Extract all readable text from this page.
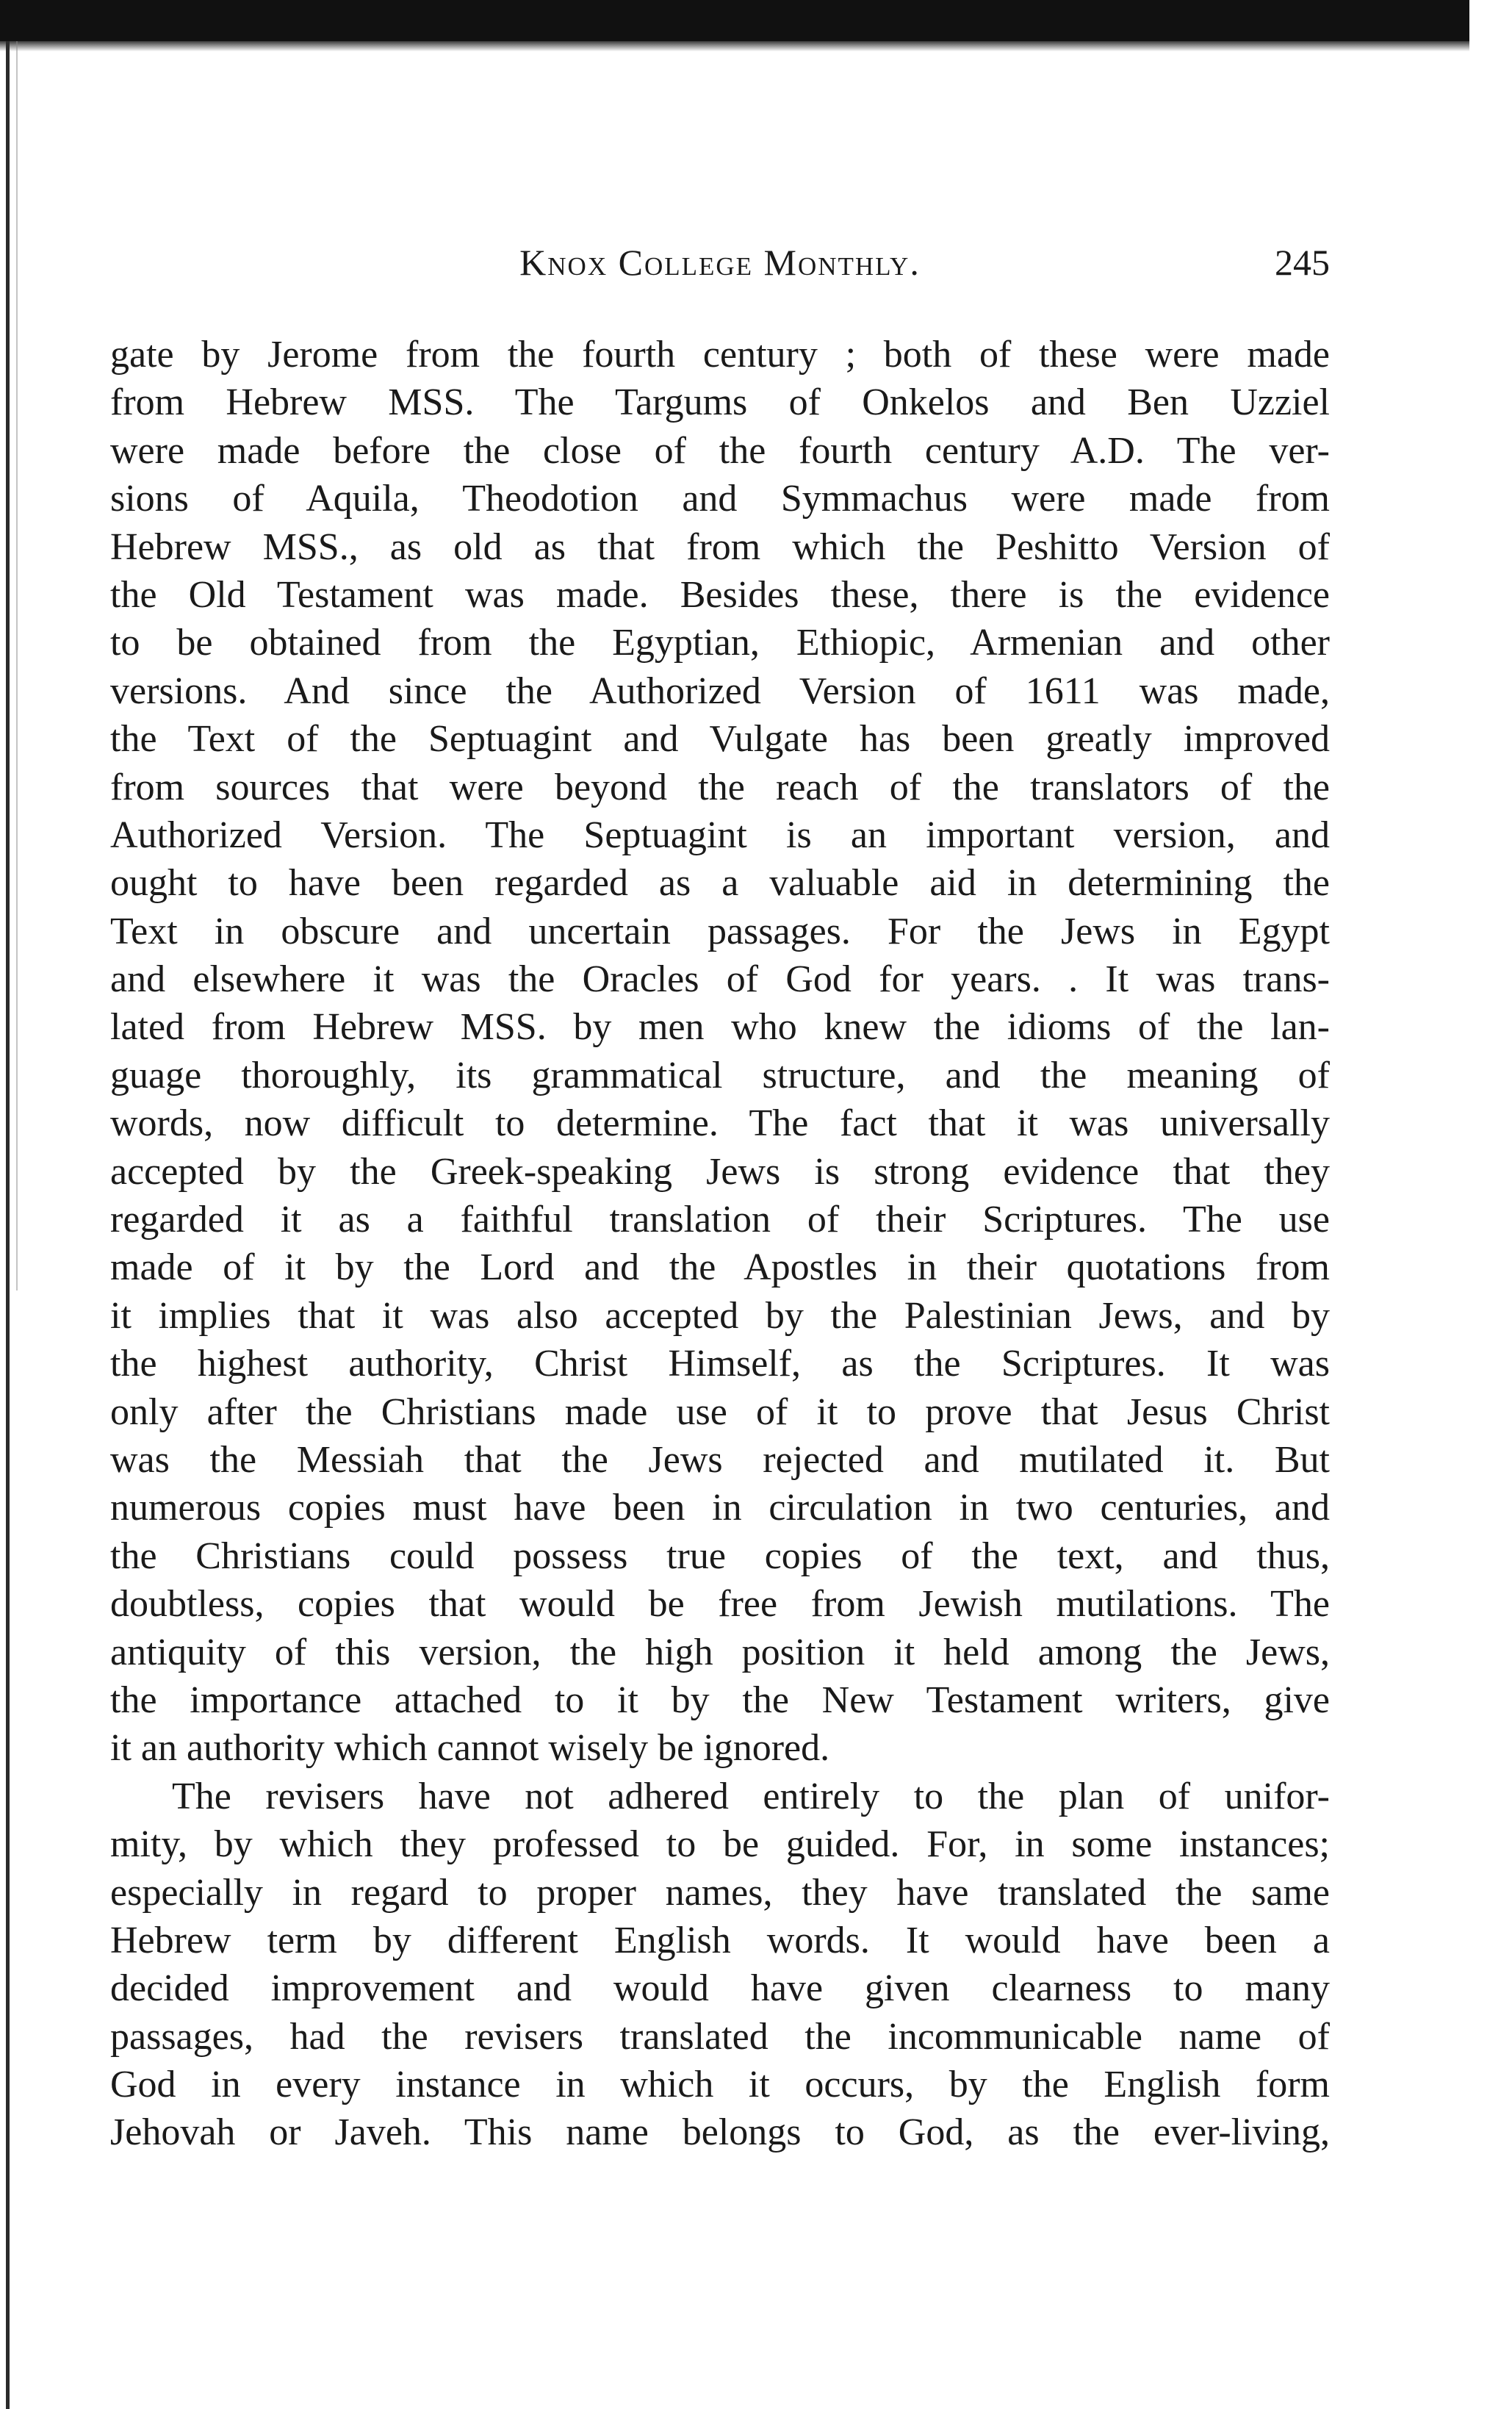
Knox College Monthly.	245
gate by Jerome from the fourth century ; both of these were made
from Hebrew MSS. The Targums of Onkelos and Ben Uzziel
were made before the close of the fourth century A.D. The ver-
sions of Aquila, Theodotion and Symmachus were made from
Hebrew MSS., as old as that from which the Peshitto Version of
the Old Testament was made. Besides these, there is the evidence
to be obtained from the Egyptian, Ethiopic, Armenian and other
versions. And since the Authorized Version of 1611 was made,
the Text of the Septuagint and Vulgate has been greatly improved
from sources that were beyond the reach of the translators of the
Authorized Version. The Septuagint is an important version, and
ought to have been regarded as a valuable aid in determining the
Text in obscure and uncertain passages. For the Jews in Egypt
and elsewhere it was the Oracles of God for years. . It was trans-
lated from Hebrew MSS. by men who knew the idioms of the lan-
guage thoroughly, its grammatical structure, and the meaning of
words, now difficult to determine. The fact that it was universally
accepted by the Greek-speaking Jews is strong evidence that they
regarded it as a faithful translation of their Scriptures. The use
made of it by the Lord and the Apostles in their quotations from
it implies that it was also accepted by the Palestinian Jews, and by
the highest authority, Christ Himself, as the Scriptures. It was
only after the Christians made use of it to prove that Jesus Christ
was the Messiah that the Jews rejected and mutilated it. But
numerous copies must have been in circulation in two centuries, and
the Christians could possess true copies of the text, and thus,
doubtless, copies that would be free from Jewish mutilations. The
antiquity of this version, the high position it held among the Jews,
the importance attached to it by the New Testament writers, give
it an authority which cannot wisely be ignored.
The revisers have not adhered entirely to the plan of unifor-
mity, by which they professed to be guided. For, in some instances;
especially in regard to proper names, they have translated the same
Hebrew term by different English words. It would have been a
decided improvement and would have given clearness to many
passages, had the revisers translated the incommunicable name of
God in every instance in which it occurs, by the English form
Jehovah or Javeh. This name belongs to God, as the ever-living,
